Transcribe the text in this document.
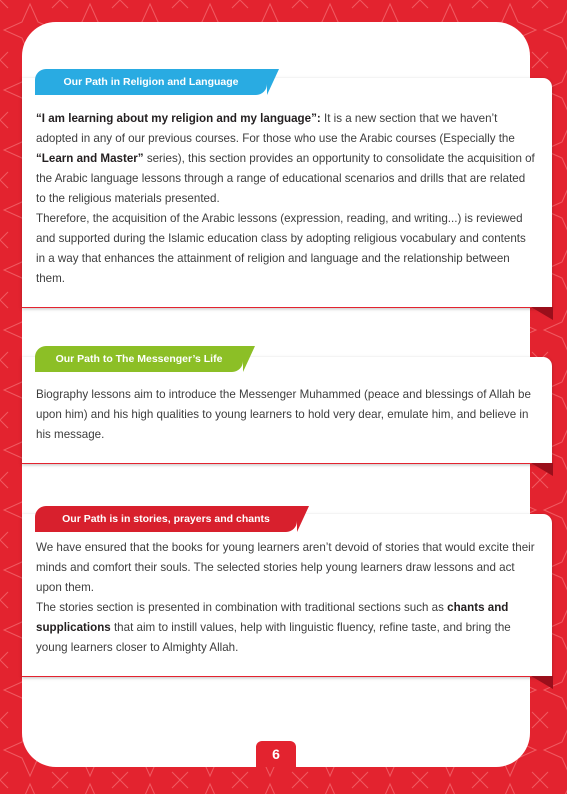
“I am learning about my religion and my language”: It is a new section that we haven’t adopted in any of our previous courses. For those who use the Arabic courses (Especially the “Learn and Master” series), this section provides an opportunity to consolidate the acquisition of the Arabic language lessons through a range of educational scenarios and drills that are related to the religious materials presented.

Therefore, the acquisition of the Arabic lessons (expression, reading, and writing...) is reviewed and supported during the Islamic education class by adopting religious vocabulary and contents in a way that enhances the attainment of religion and language and the relationship between them.

Our Path in Religion and Language

Biography lessons aim to introduce the Messenger Muhammed (peace and blessings of Allah be upon him) and his high qualities to young learners to hold very dear, emulate him, and believe in his message.

Our Path to The Messenger’s Life

We have ensured that the books for young learners aren’t devoid of stories that would excite their minds and comfort their souls. The selected stories help young learners draw lessons and act upon them.

The stories section is presented in combination with traditional sections such as chants and supplications that aim to instill values, help with linguistic fluency, refine taste, and bring the young learners closer to Almighty Allah.

Our Path is in stories, prayers and chants
6
